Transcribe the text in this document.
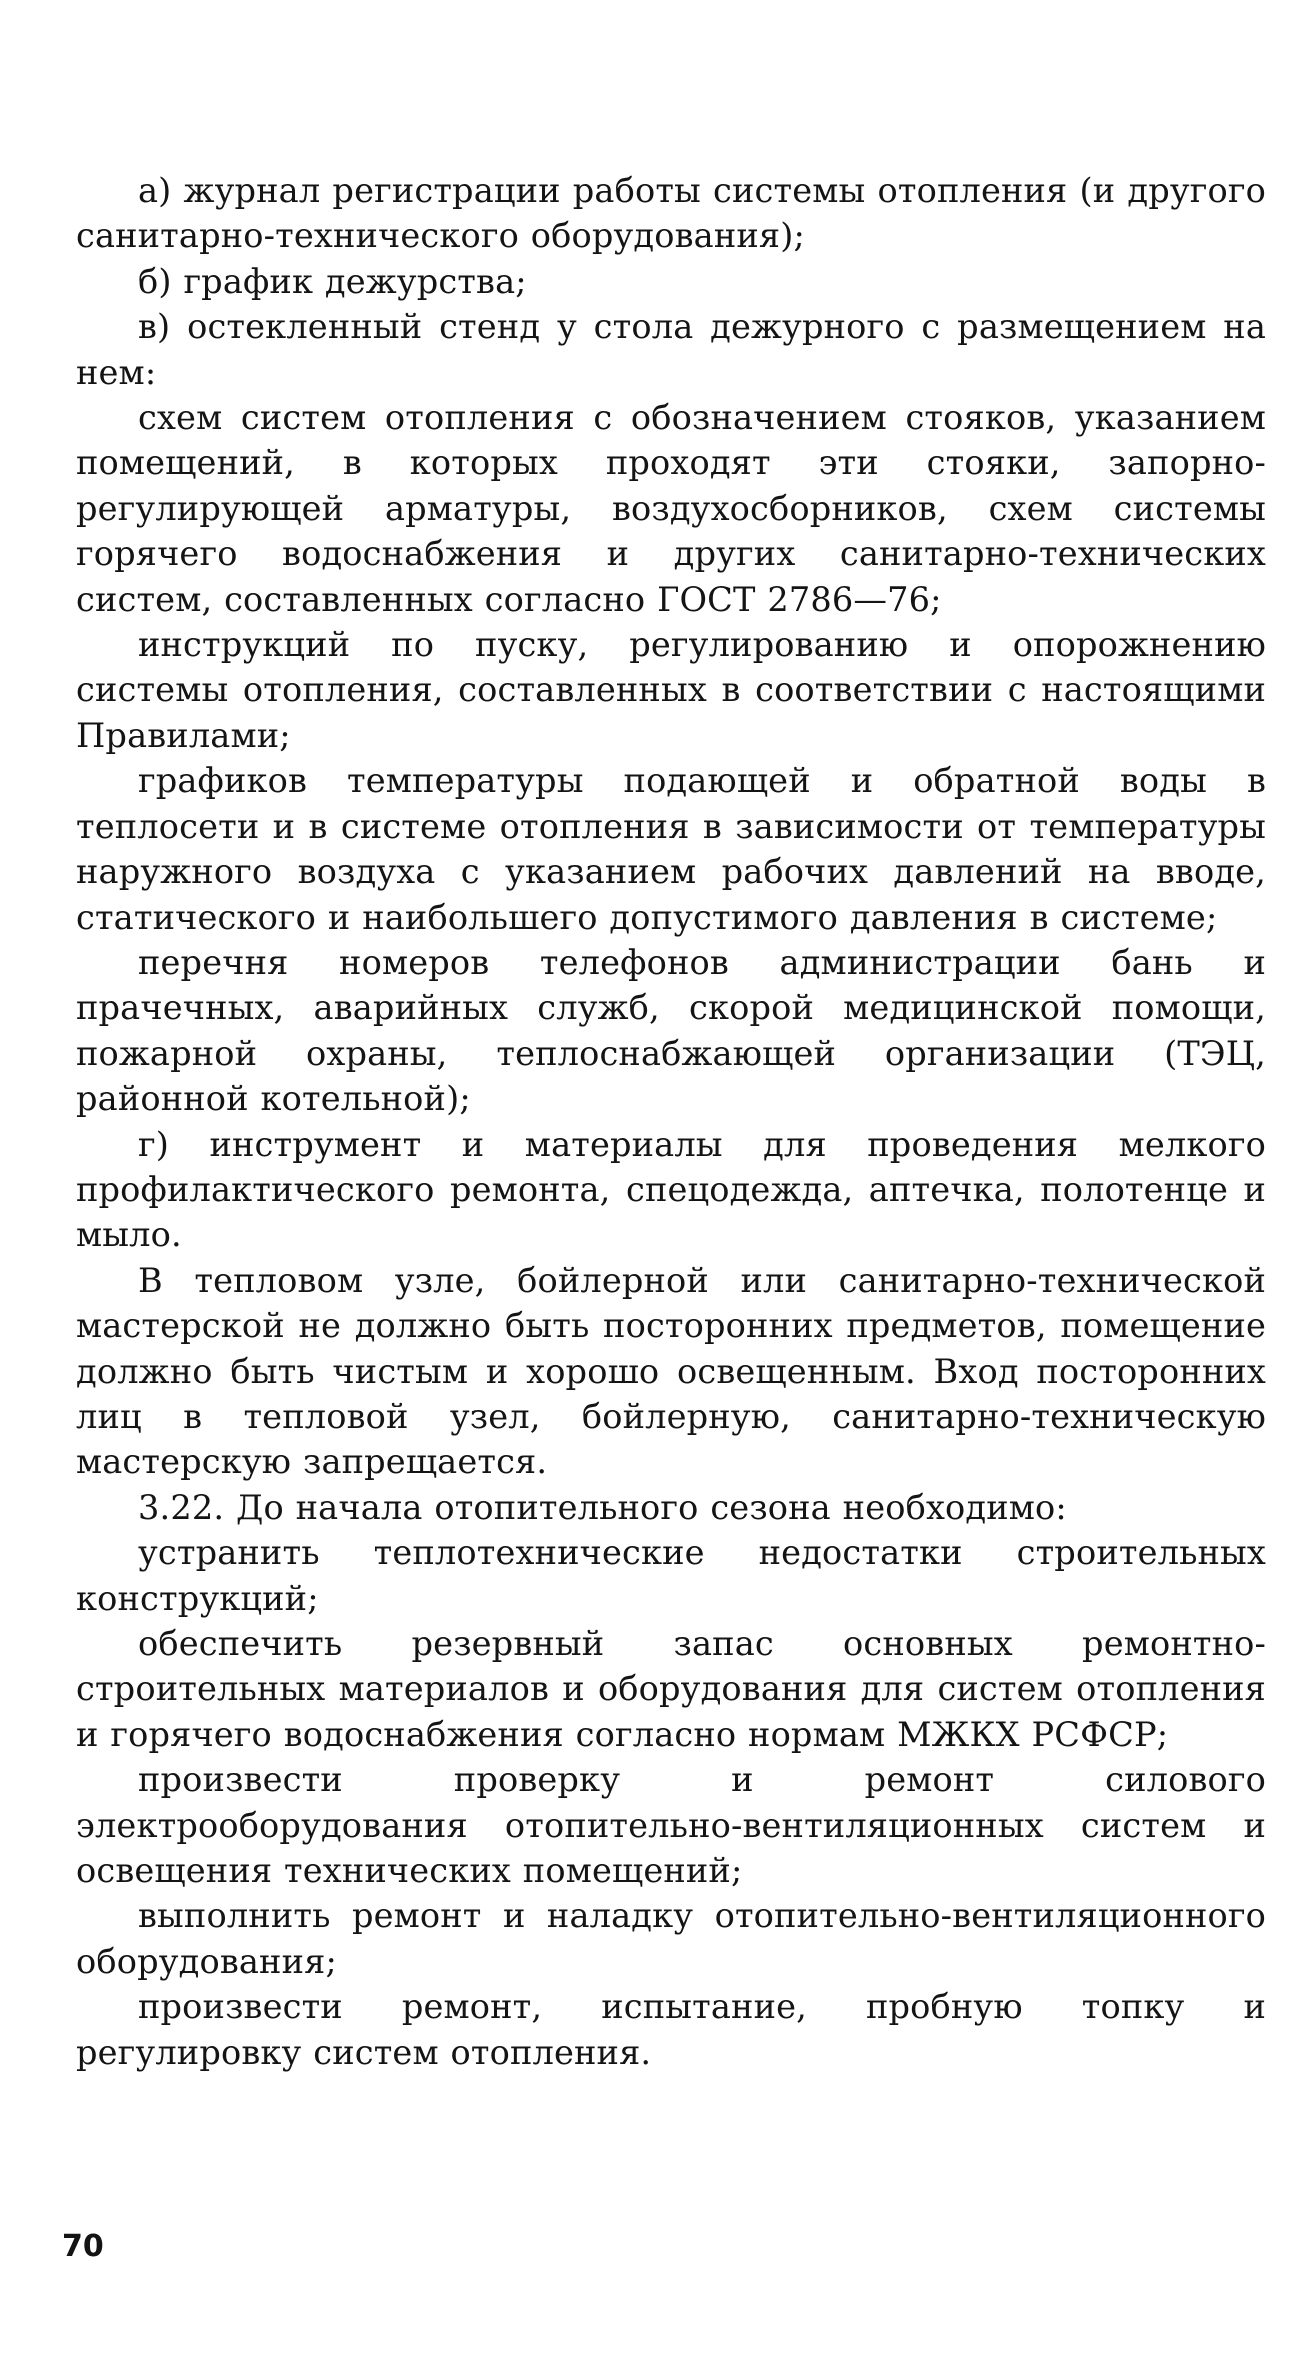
а) журнал регистрации работы системы отопления (и другого санитарно-технического оборудования);

б) график дежурства;

в) остекленный стенд у стола дежурного с размещением на нем:

схем систем отопления с обозначением стояков, указанием помещений, в которых проходят эти стояки, запорно-регулирующей арматуры, воздухосборников, схем системы горячего водоснабжения и других санитарно-технических систем, составленных согласно ГОСТ 2786—76;

инструкций по пуску, регулированию и опорожнению системы отопления, составленных в соответствии с настоящими Правилами;

графиков температуры подающей и обратной воды в теплосети и в системе отопления в зависимости от температуры наружного воздуха с указанием рабочих давлений на вводе, статического и наибольшего допустимого давления в системе;

перечня номеров телефонов администрации бань и прачечных, аварийных служб, скорой медицинской помощи, пожарной охраны, теплоснабжающей организации (ТЭЦ, районной котельной);

г) инструмент и материалы для проведения мелкого профилактического ремонта, спецодежда, аптечка, полотенце и мыло.

В тепловом узле, бойлерной или санитарно-технической мастерской не должно быть посторонних предметов, помещение должно быть чистым и хорошо освещенным. Вход посторонних лиц в тепловой узел, бойлерную, санитарно-техническую мастерскую запрещается.

3.22. До начала отопительного сезона необходимо:

устранить теплотехнические недостатки строительных конструкций;

обеспечить резервный запас основных ремонтно-строительных материалов и оборудования для систем отопления и горячего водоснабжения согласно нормам МЖКХ РСФСР;

произвести проверку и ремонт силового электрооборудования отопительно-вентиляционных систем и освещения технических помещений;

выполнить ремонт и наладку отопительно-вентиляционного оборудования;

произвести ремонт, испытание, пробную топку и регулировку систем отопления.

70
